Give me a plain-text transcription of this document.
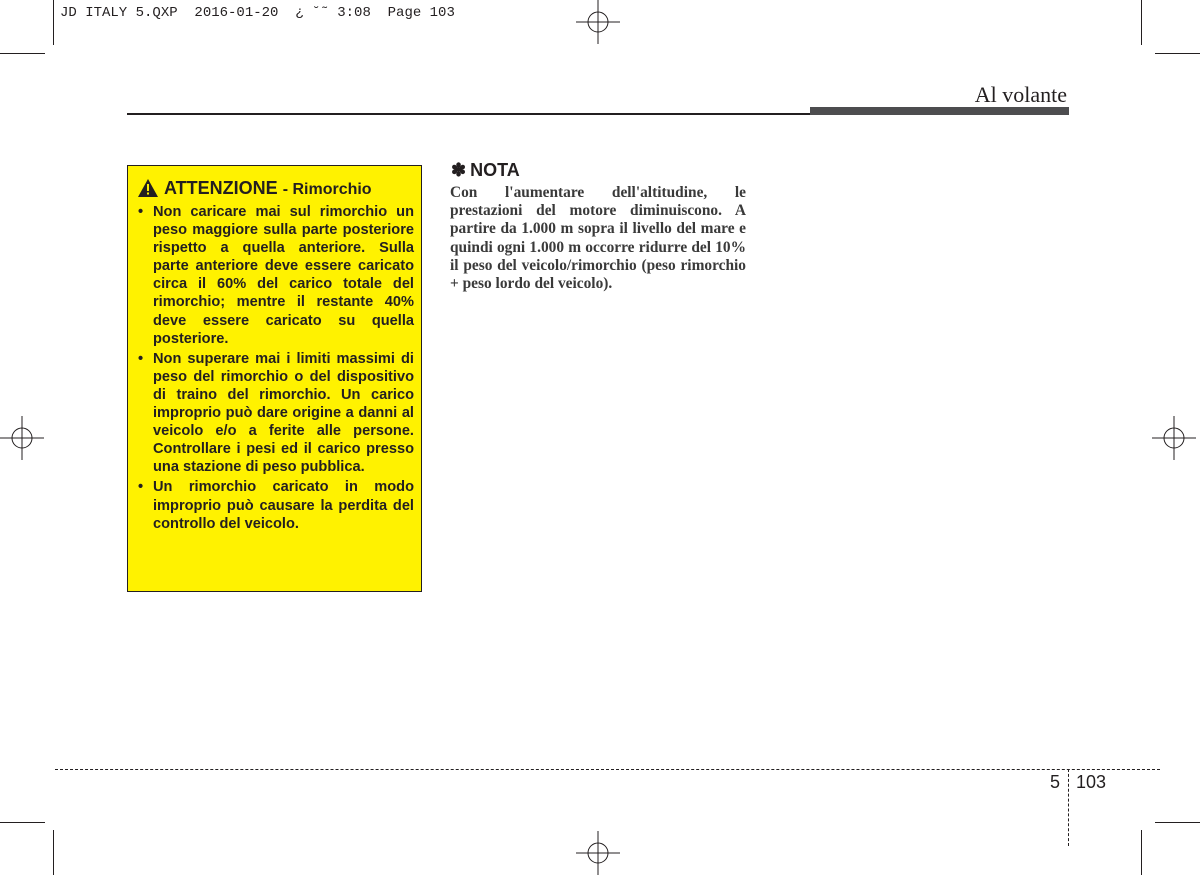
JD ITALY 5.QXP  2016-01-20  ¿ ˘˜ 3:08  Page 103
Al volante
ATTENZIONE - Rimorchio
• Non caricare mai sul rimorchio un peso maggiore sulla parte posteriore rispetto a quella anteriore. Sulla parte anteriore deve essere caricato circa il 60% del carico totale del rimorchio; mentre il restante 40% deve essere caricato su quella posteriore.
• Non superare mai i limiti massimi di peso del rimorchio o del dispositivo di traino del rimorchio. Un carico improprio può dare origine a danni al veicolo e/o a ferite alle persone. Controllare i pesi ed il carico presso una stazione di peso pubblica.
• Un rimorchio caricato in modo improprio può causare la perdita del controllo del veicolo.
✽ NOTA

Con l'aumentare dell'altitudine, le prestazioni del motore diminuiscono. A partire da 1.000 m sopra il livello del mare e quindi ogni 1.000 m occorre ridurre del 10% il peso del veicolo/rimorchio (peso rimorchio + peso lordo del veicolo).

5 103
